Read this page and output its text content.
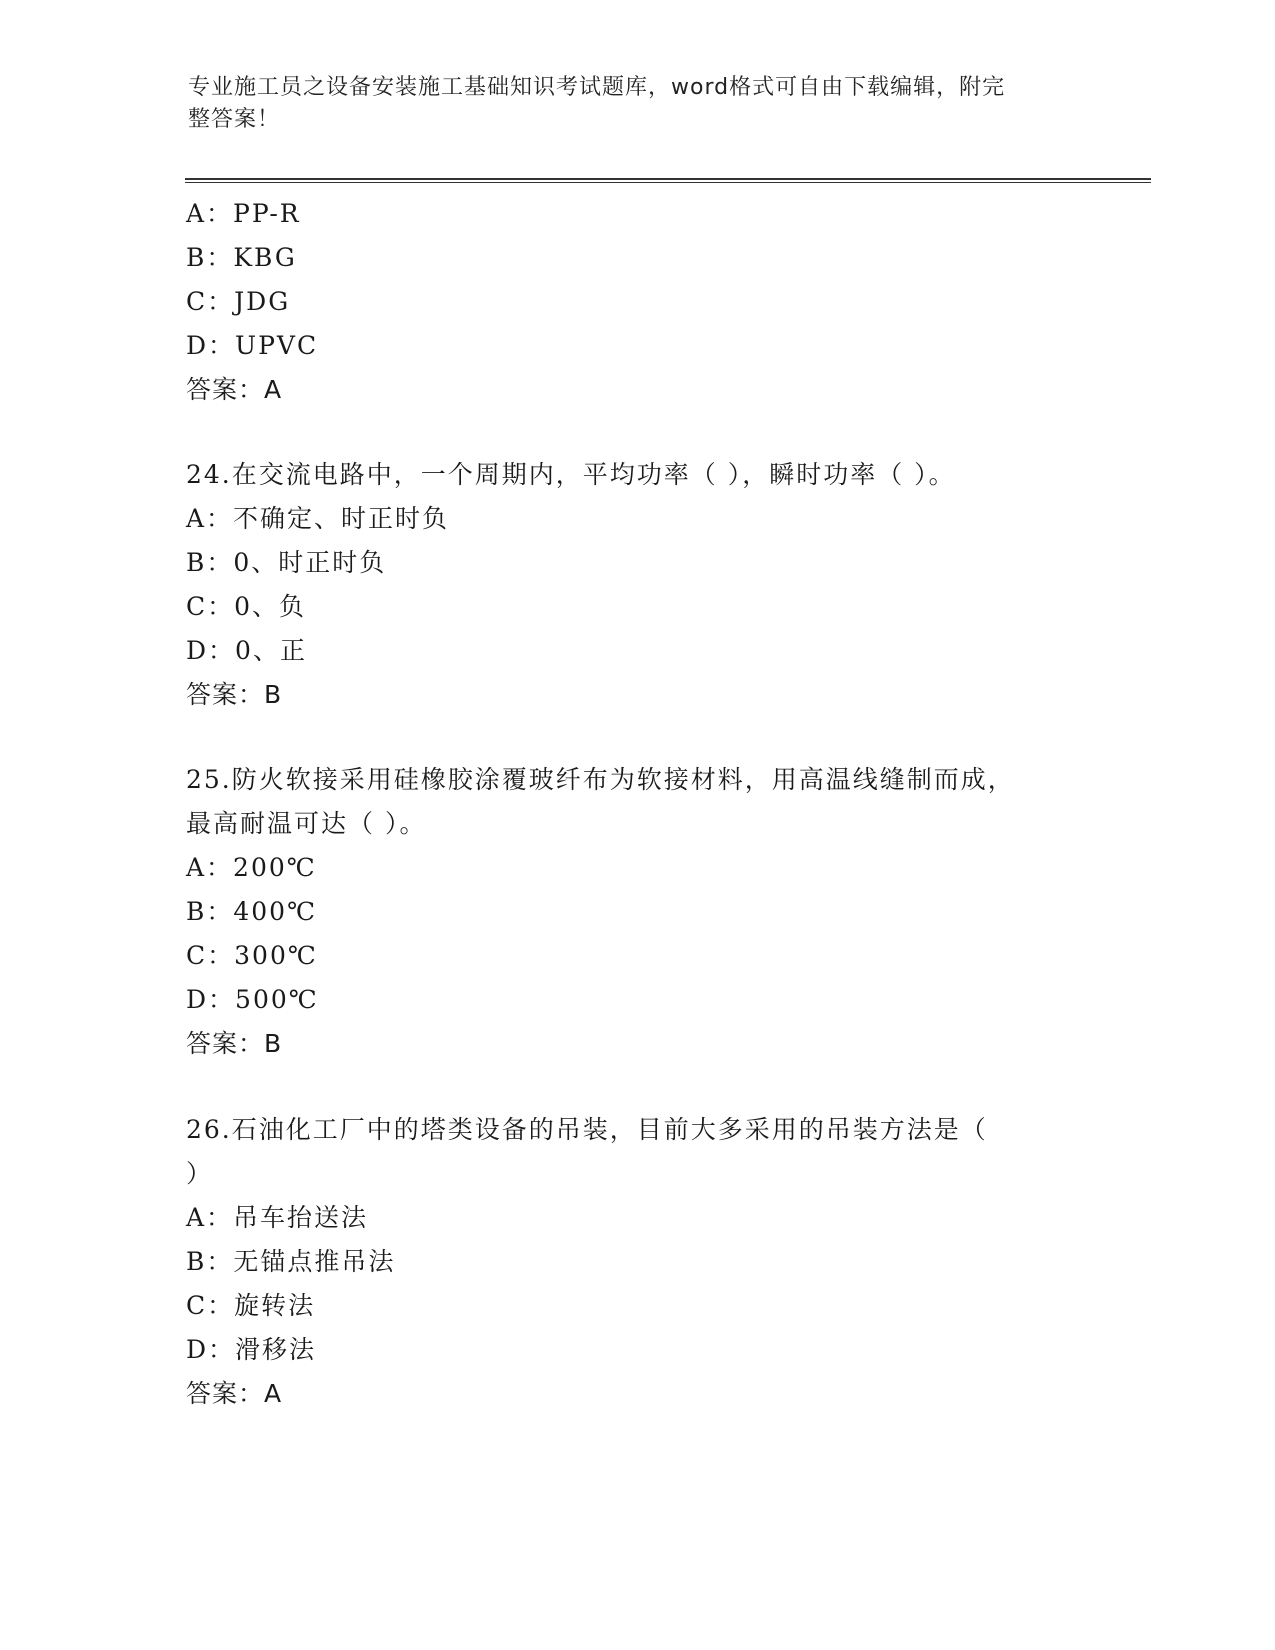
专业施工员之设备安装施工基础知识考试题库，word格式可自由下载编辑，附完
整答案！
A：PP-R
B：KBG
C：JDG
D：UPVC
答案：A
24.在交流电路中，一个周期内，平均功率（ ），瞬时功率（ ）。
A：不确定、时正时负
B：0、时正时负
C：0、负
D：0、正
答案：B
25.防火软接采用硅橡胶涂覆玻纤布为软接材料，用高温线缝制而成，
最高耐温可达（ ）。
A：200℃
B：400℃
C：300℃
D：500℃
答案：B
26.石油化工厂中的塔类设备的吊装，目前大多采用的吊装方法是（
）
A：吊车抬送法
B：无锚点推吊法
C：旋转法
D：滑移法
答案：A
